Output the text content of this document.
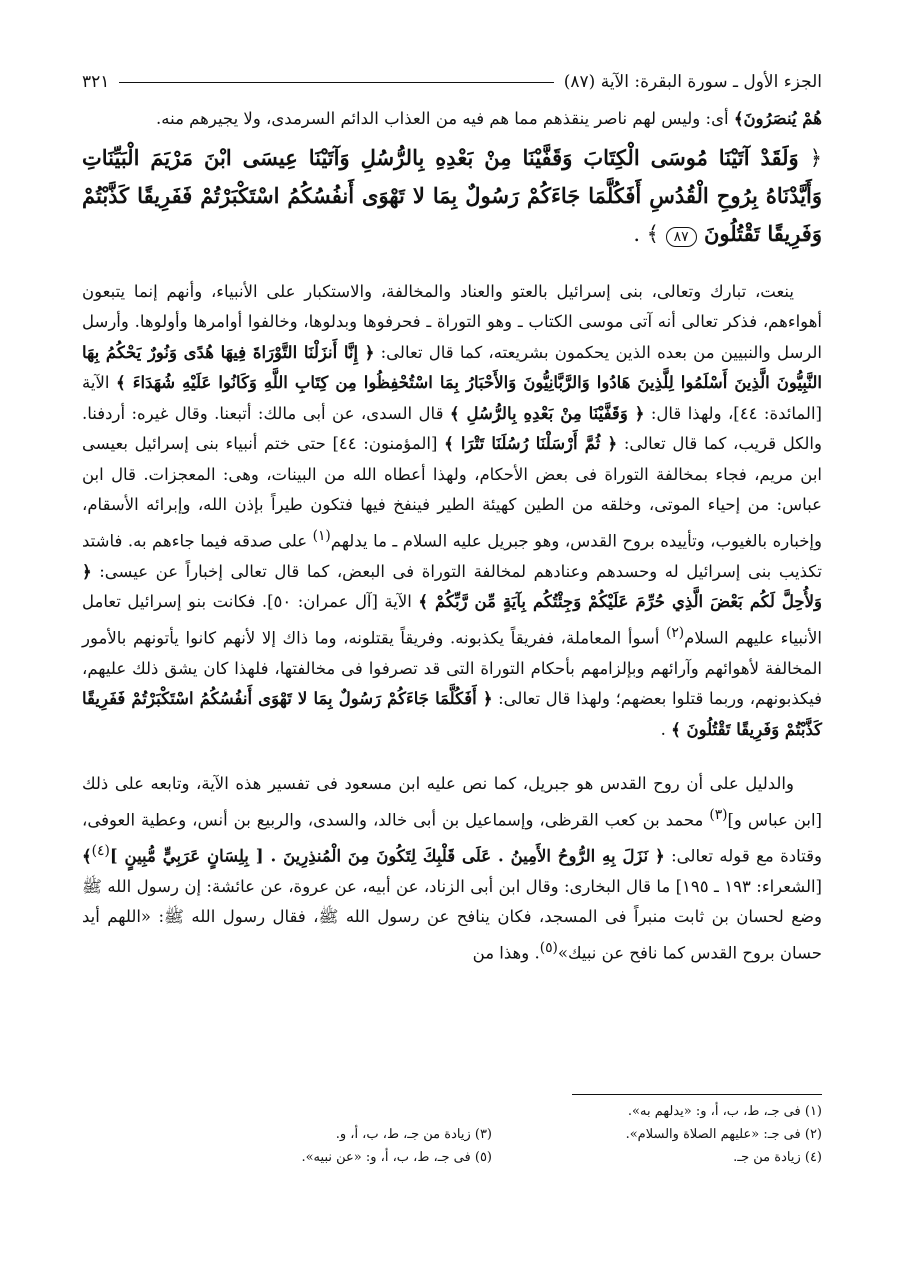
الجزء الأول ـ سورة البقرة: الآية (٨٧)
٣٢١

هُمْ يُنصَرُونَ﴾ أى: وليس لهم ناصر ينقذهم مما هم فيه من العذاب الدائم السرمدى، ولا يجيرهم منه.

﴿ وَلَقَدْ آتَيْنَا مُوسَى الْكِتَابَ وَقَفَّيْنَا مِنْ بَعْدِهِ بِالرُّسُلِ وَآتَيْنَا عِيسَى ابْنَ مَرْيَمَ الْبَيِّنَاتِ وَأَيَّدْنَاهُ بِرُوحِ الْقُدُسِ أَفَكُلَّمَا جَاءَكُمْ رَسُولٌ بِمَا لا تَهْوَى أَنفُسُكُمُ اسْتَكْبَرْتُمْ فَفَرِيقًا كَذَّبْتُمْ وَفَرِيقًا تَقْتُلُونَ ٨٧ ﴾ .

ينعت، تبارك وتعالى، بنى إسرائيل بالعتو والعناد والمخالفة، والاستكبار على الأنبياء، وأنهم إنما يتبعون أهواءهم، فذكر تعالى أنه آتى موسى الكتاب ـ وهو التوراة ـ فحرفوها وبدلوها، وخالفوا أوامرها وأولوها. وأرسل الرسل والنبيين من بعده الذين يحكمون بشريعته، كما قال تعالى: ﴿ إِنَّا أَنزَلْنَا التَّوْرَاةَ فِيهَا هُدًى وَنُورٌ يَحْكُمُ بِهَا النَّبِيُّونَ الَّذِينَ أَسْلَمُوا لِلَّذِينَ هَادُوا وَالرَّبَّانِيُّونَ وَالأَحْبَارُ بِمَا اسْتُحْفِظُوا مِن كِتَابِ اللَّهِ وَكَانُوا عَلَيْهِ شُهَدَاءَ ﴾ الآية [المائدة: ٤٤]، ولهذا قال: ﴿ وَقَفَّيْنَا مِنْ بَعْدِهِ بِالرُّسُلِ ﴾ قال السدى، عن أبى مالك: أتبعنا. وقال غيره: أردفنا. والكل قريب، كما قال تعالى: ﴿ ثُمَّ أَرْسَلْنَا رُسُلَنَا تَتْرَا ﴾ [المؤمنون: ٤٤] حتى ختم أنبياء بنى إسرائيل بعيسى ابن مريم، فجاء بمخالفة التوراة فى بعض الأحكام، ولهذا أعطاه الله من البينات، وهى: المعجزات. قال ابن عباس: من إحياء الموتى، وخلقه من الطين كهيئة الطير فينفخ فيها فتكون طيراً بإذن الله، وإبرائه الأسقام، وإخباره بالغيوب، وتأييده بروح القدس، وهو جبريل عليه السلام ـ ما يدلهم$^{(١)}$ على صدقه فيما جاءهم به. فاشتد تكذيب بنى إسرائيل له وحسدهم وعنادهم لمخالفة التوراة فى البعض، كما قال تعالى إخباراً عن عيسى: ﴿ وَلأُحِلَّ لَكُم بَعْضَ الَّذِي حُرِّمَ عَلَيْكُمْ وَجِئْتُكُم بِآيَةٍ مِّن رَّبِّكُمْ ﴾ الآية [آل عمران: ٥٠]. فكانت بنو إسرائيل تعامل الأنبياء عليهم السلام$^{(٢)}$ أسوأ المعاملة، ففريقاً يكذبونه. وفريقاً يقتلونه، وما ذاك إلا لأنهم كانوا يأتونهم بالأمور المخالفة لأهوائهم وآرائهم وبإلزامهم بأحكام التوراة التى قد تصرفوا فى مخالفتها، فلهذا كان يشق ذلك عليهم، فيكذبونهم، وربما قتلوا بعضهم؛ ولهذا قال تعالى: ﴿ أَفَكُلَّمَا جَاءَكُمْ رَسُولٌ بِمَا لا تَهْوَى أَنفُسُكُمُ اسْتَكْبَرْتُمْ فَفَرِيقًا كَذَّبْتُمْ وَفَرِيقًا تَقْتُلُونَ ﴾ .

والدليل على أن روح القدس هو جبريل، كما نص عليه ابن مسعود فى تفسير هذه الآية، وتابعه على ذلك [ابن عباس و]$^{(٣)}$ محمد بن كعب القرظى، وإسماعيل بن أبى خالد، والسدى، والربيع بن أنس، وعطية العوفى، وقتادة مع قوله تعالى: ﴿ نَزَلَ بِهِ الرُّوحُ الأَمِينُ . عَلَى قَلْبِكَ لِتَكُونَ مِنَ الْمُنذِرِينَ . [ بِلِسَانٍ عَرَبِيٍّ مُّبِينٍ ]$^{(٤)}$﴾ [الشعراء: ١٩٣ ـ ١٩٥] ما قال البخارى: وقال ابن أبى الزناد، عن أبيه، عن عروة، عن عائشة: إن رسول الله ﷺ وضع لحسان بن ثابت منبراً فى المسجد، فكان ينافح عن رسول الله ﷺ، فقال رسول الله ﷺ: «اللهم أيد حسان بروح القدس كما نافح عن نبيك»$^{(٥)}$. وهذا من

(١) فى جـ، ط، ب، أ، و: «يدلهم به».
(٢) فى جـ: «عليهم الصلاة والسلام».
(٣) زيادة من جـ، ط، ب، أ، و.
(٤) زيادة من جـ.
(٥) فى جـ، ط، ب، أ، و: «عن نبيه».
